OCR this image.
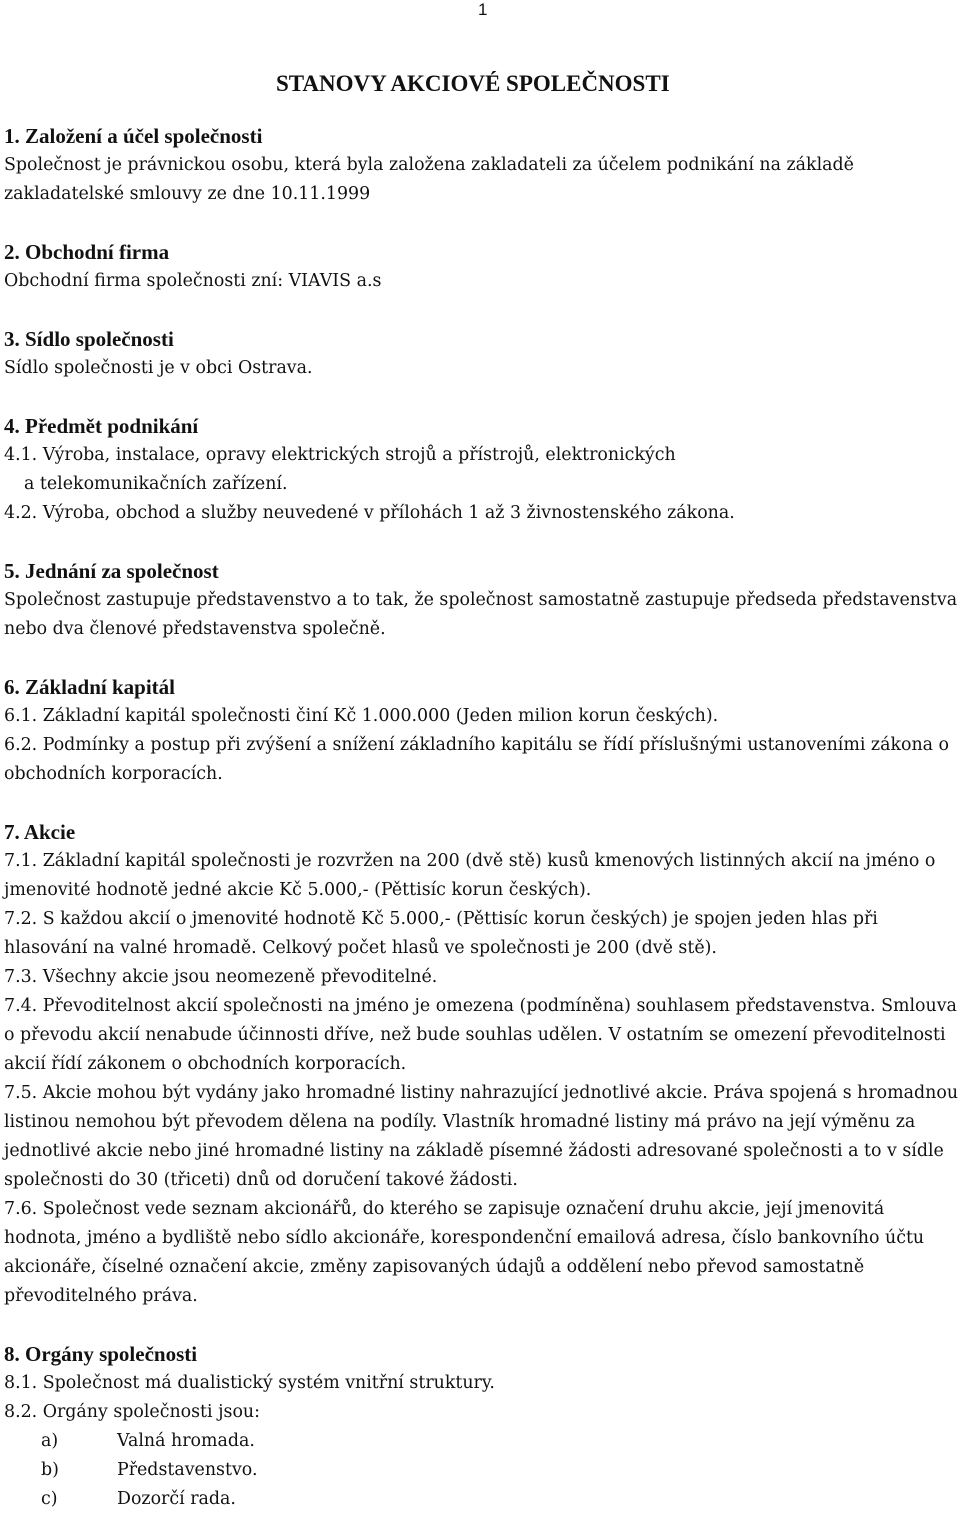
1
STANOVY AKCIOVÉ SPOLEČNOSTI

1. Založení a účel společnosti

Společnost je právnickou osobu, která byla založena zakladateli za účelem podnikání na základě zakladatelské smlouvy ze dne 10.11.1999

2. Obchodní firma

Obchodní firma společnosti zní: VIAVIS a.s

3. Sídlo společnosti

Sídlo společnosti je v obci Ostrava.

4. Předmět podnikání

4.1. Výroba, instalace, opravy elektrických strojů a přístrojů, elektronických

a telekomunikačních zařízení.

4.2. Výroba, obchod a služby neuvedené v přílohách 1 až 3 živnostenského zákona.

5. Jednání za společnost

Společnost zastupuje představenstvo a to tak, že společnost samostatně zastupuje předseda představenstva nebo dva členové představenstva společně.

6. Základní kapitál

6.1. Základní kapitál společnosti činí Kč 1.000.000 (Jeden milion korun českých).

6.2. Podmínky a postup při zvýšení a snížení základního kapitálu se řídí příslušnými ustanoveními zákona o obchodních korporacích.

7. Akcie

7.1. Základní kapitál společnosti je rozvržen na 200 (dvě stě) kusů kmenových listinných akcií na jméno o jmenovité hodnotě jedné akcie Kč 5.000,- (Pěttisíc korun českých).

7.2. S každou akcií o jmenovité hodnotě Kč 5.000,- (Pěttisíc korun českých) je spojen jeden hlas při hlasování na valné hromadě. Celkový počet hlasů ve společnosti je 200 (dvě stě).

7.3. Všechny akcie jsou neomezeně převoditelné.

7.4. Převoditelnost akcií společnosti na jméno je omezena (podmíněna) souhlasem představenstva. Smlouva o převodu akcií nenabude účinnosti dříve, než bude souhlas udělen. V ostatním se omezení převoditelnosti akcií řídí zákonem o obchodních korporacích.

7.5. Akcie mohou být vydány jako hromadné listiny nahrazující jednotlivé akcie. Práva spojená s hromadnou listinou nemohou být převodem dělena na podíly. Vlastník hromadné listiny má právo na její výměnu za jednotlivé akcie nebo jiné hromadné listiny na základě písemné žádosti adresované společnosti a to v sídle společnosti do 30 (třiceti) dnů od doručení takové žádosti.

7.6. Společnost vede seznam akcionářů, do kterého se zapisuje označení druhu akcie, její jmenovitá hodnota, jméno a bydliště nebo sídlo akcionáře, korespondenční emailová adresa, číslo bankovního účtu akcionáře, číselné označení akcie, změny zapisovaných údajů a oddělení nebo převod samostatně převoditelného práva.

8. Orgány společnosti

8.1. Společnost má dualistický systém vnitřní struktury.

8.2. Orgány společnosti jsou:

a)	Valná hromada.
b)	Představenstvo.
c)	Dozorčí rada.
